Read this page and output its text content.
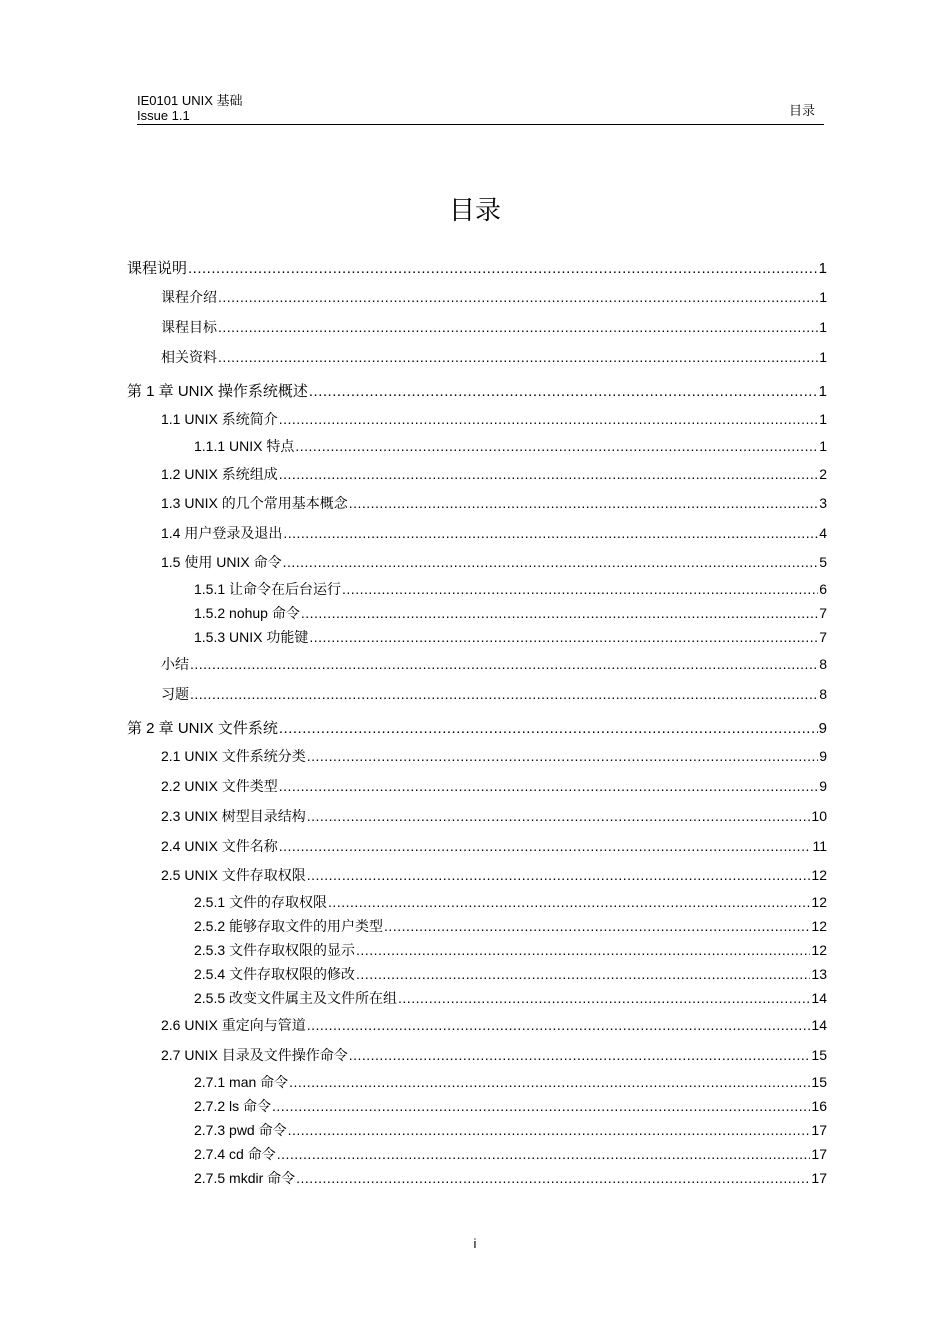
IE0101 UNIX 基础
Issue 1.1	目录
目录
课程说明 .....	1
课程介绍 .....	1
课程目标 .....	1
相关资料 .....	1
第 1 章 UNIX 操作系统概述 .....	1
1.1 UNIX 系统简介 .....	1
1.1.1 UNIX 特点 .....	1
1.2 UNIX 系统组成 .....	2
1.3 UNIX 的几个常用基本概念 .....	3
1.4 用户登录及退出 .....	4
1.5 使用 UNIX 命令 .....	5
1.5.1 让命令在后台运行 .....	6
1.5.2 nohup 命令 .....	7
1.5.3 UNIX 功能键 .....	7
小结 .....	8
习题 .....	8
第 2 章 UNIX 文件系统 .....	9
2.1 UNIX 文件系统分类 .....	9
2.2 UNIX 文件类型 .....	9
2.3 UNIX 树型目录结构 .....	10
2.4 UNIX 文件名称 .....	11
2.5 UNIX 文件存取权限 .....	12
2.5.1 文件的存取权限 .....	12
2.5.2 能够存取文件的用户类型 .....	12
2.5.3 文件存取权限的显示 .....	12
2.5.4 文件存取权限的修改 .....	13
2.5.5 改变文件属主及文件所在组 .....	14
2.6 UNIX 重定向与管道 .....	14
2.7 UNIX 目录及文件操作命令 .....	15
2.7.1 man 命令 .....	15
2.7.2 ls 命令 .....	16
2.7.3 pwd 命令 .....	17
2.7.4 cd 命令 .....	17
2.7.5 mkdir 命令 .....	17
i
